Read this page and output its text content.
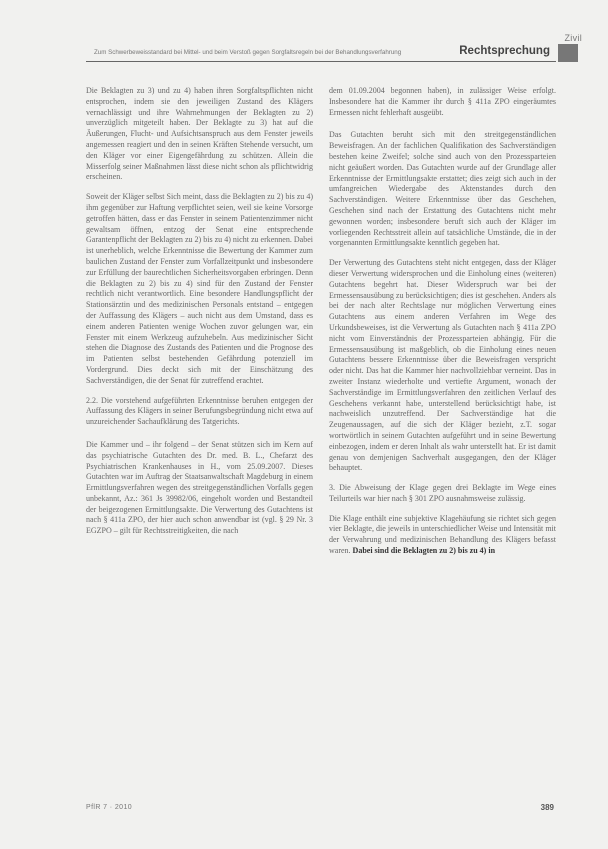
Zivil
Zum Schwerbeweisstandard bei Mittel- und beim Verstoß gegen Sorgfaltsregeln bei der Behandlungsverfahrung	Rechtsprechung

Die Beklagten zu 3) und zu 4) haben ihren Sorgfaltspflichten nicht entsprochen, indem sie den jeweiligen Zustand des Klägers vernachlässigt und ihre Wahrnehmungen der Beklagten zu 2) unverzüglich mitgeteilt haben. Der Beklagte zu 3) hat auf die Äußerungen, Flucht- und Aufsichtsanspruch aus dem Fenster jeweils angemessen reagiert und den in seinen Kräften Stehende versucht, um den Kläger vor einer Eigengefährdung zu schützen. Allein die Misserfolg seiner Maßnahmen lässt diese nicht schon als pflichtwidrig erscheinen.

Soweit der Kläger selbst Sich meint, dass die Beklagten zu 2) bis zu 4) ihm gegenüber zur Haftung verpflichtet seien, weil sie keine Vorsorge getroffen hätten, dass er das Fenster in seinem Patientenzimmer nicht gewaltsam öffnen, entzog der Senat eine entsprechende Garantenpflicht der Beklagten zu 2) bis zu 4) nicht zu erkennen. Dabei ist unerheblich, welche Erkenntnisse die Bewertung der Kammer zum baulichen Zustand der Fenster zum Vorfallzeitpunkt und insbesondere zur Erfüllung der baurechtlichen Sicherheitsvorgaben erbringen. Denn die Beklagten zu 2) bis zu 4) sind für den Zustand der Fenster rechtlich nicht verantwortlich. Eine besondere Handlungspflicht der Stationsärztin und des medizinischen Personals entstand – entgegen der Auffassung des Klägers – auch nicht aus dem Umstand, dass es einem anderen Patienten wenige Wochen zuvor gelungen war, ein Fenster mit einem Werkzeug aufzuhebeln. Aus medizinischer Sicht stehen die Diagnose des Zustands des Patienten und die Prognose des im Patienten selbst bestehenden Gefährdung potenziell im Vordergrund. Dies deckt sich mit der Einschätzung des Sachverständigen, die der Senat für zutreffend erachtet.

2.2. Die vorstehend aufgeführten Erkenntnisse beruhen entgegen der Auffassung des Klägers in seiner Berufungsbegründung nicht etwa auf unzureichender Sachaufklärung des Tatgerichts.

Die Kammer und – ihr folgend – der Senat stützen sich im Kern auf das psychiatrische Gutachten des Dr. med. B. L., Chefarzt des Psychiatrischen Krankenhauses in H., vom 25.09.2007. Dieses Gutachten war im Auftrag der Staatsanwaltschaft Magdeburg in einem Ermittlungsverfahren wegen des streitgegenständlichen Vorfalls gegen unbekannt, Az.: 361 Js 39982/06, eingeholt worden und Bestandteil der beigezogenen Ermittlungsakte. Die Verwertung des Gutachtens ist nach § 411a ZPO, der hier auch schon anwendbar ist (vgl. § 29 Nr. 3 EGZPO – gilt für Rechtsstreitigkeiten, die nach

dem 01.09.2004 begonnen haben), in zulässiger Weise erfolgt. Insbesondere hat die Kammer ihr durch § 411a ZPO eingeräumtes Ermessen nicht fehlerhaft ausgeübt.

Das Gutachten beruht sich mit den streitgegenständlichen Beweisfragen. An der fachlichen Qualifikation des Sachverständigen bestehen keine Zweifel; solche sind auch von den Prozessparteien nicht geäußert worden. Das Gutachten wurde auf der Grundlage aller Erkenntnisse der Ermittlungsakte erstattet; dies zeigt sich auch in der umfangreichen Wiedergabe des Aktenstandes durch den Sachverständigen. Weitere Erkenntnisse über das Geschehen, Geschehen sind nach der Erstattung des Gutachtens nicht mehr gewonnen worden; insbesondere beruft sich auch der Kläger im vorliegenden Rechtsstreit allein auf tatsächliche Umstände, die in der vorgenannten Ermittlungsakte kenntlich gegeben hat.

Der Verwertung des Gutachtens steht nicht entgegen, dass der Kläger dieser Verwertung widersprochen und die Einholung eines (weiteren) Gutachtens begehrt hat. Dieser Widerspruch war bei der Ermessensausübung zu berücksichtigen; dies ist geschehen. Anders als bei der nach alter Rechtslage nur möglichen Verwertung eines Gutachtens aus einem anderen Verfahren im Wege des Urkundsbeweises, ist die Verwertung als Gutachten nach § 411a ZPO nicht vom Einverständnis der Prozessparteien abhängig. Für die Ermessensausübung ist maßgeblich, ob die Einholung eines neuen Gutachtens bessere Erkenntnisse über die Beweisfragen verspricht oder nicht. Das hat die Kammer hier nachvollziehbar verneint. Das in zweiter Instanz wiederholte und vertiefte Argument, wonach der Sachverständige im Ermittlungsverfahren den zeitlichen Verlauf des Geschehens verkannt habe, unterstellend berücksichtigt habe, ist nachweislich unzutreffend. Der Sachverständige hat die Zeugenaussagen, auf die sich der Kläger bezieht, z.T. sogar wortwörtlich in seinem Gutachten aufgeführt und in seine Bewertung einbezogen, indem er deren Inhalt als wahr unterstellt hat. Er ist damit genau von demjenigen Sachverhalt ausgegangen, den der Kläger behauptet.

3. Die Abweisung der Klage gegen drei Beklagte im Wege eines Teilurteils war hier nach § 301 ZPO ausnahmsweise zulässig.

Die Klage enthält eine subjektive Klagehäufung sie richtet sich gegen vier Beklagte, die jeweils in unterschiedlicher Weise und Intensität mit der Verwahrung und medizinischen Behandlung des Klägers befasst waren. Dabei sind die Beklagten zu 2) bis zu 4) in

PflR 7 · 2010	389
